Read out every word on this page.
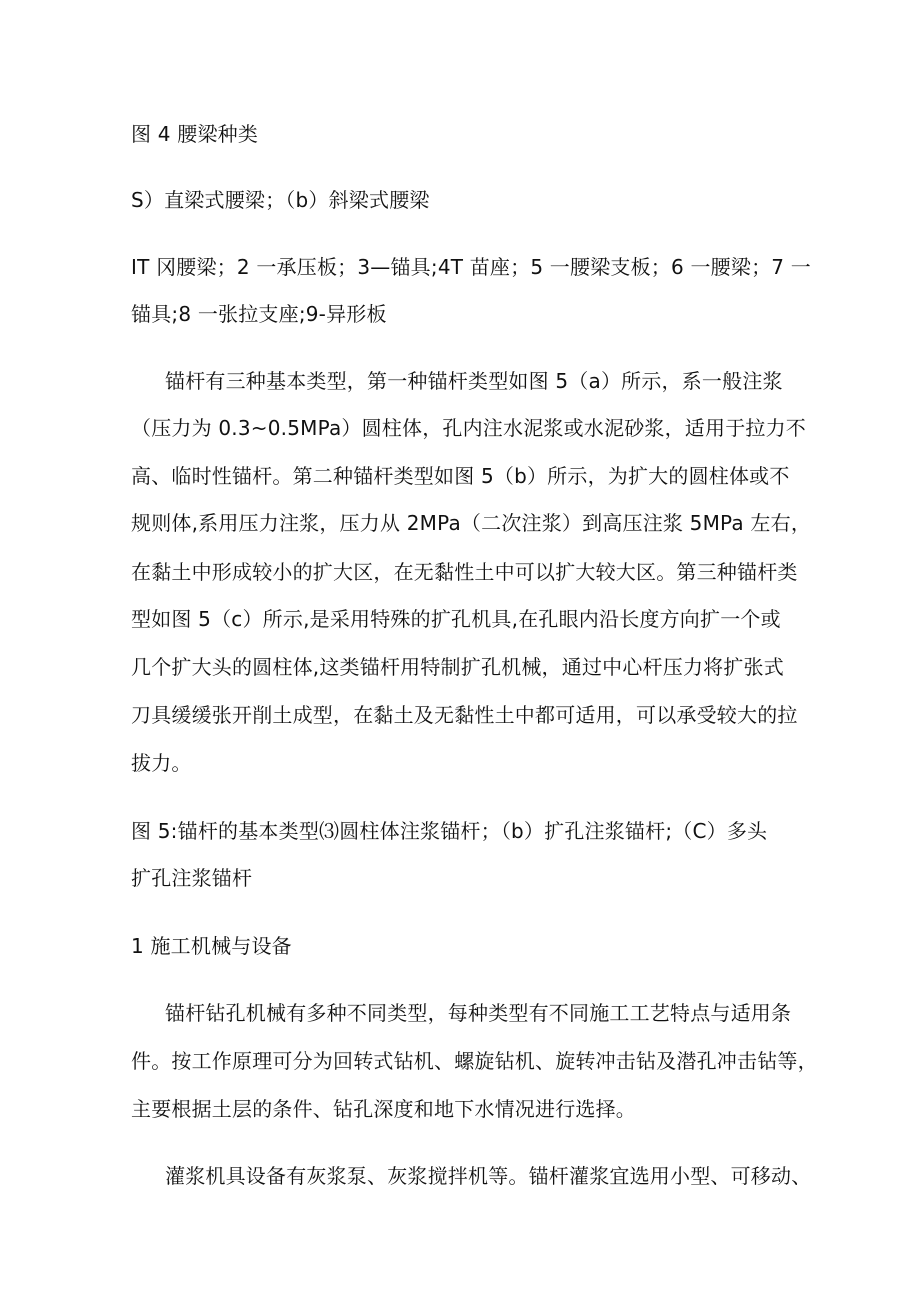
图 4 腰梁种类
S）直梁式腰梁；（b）斜梁式腰梁
IT 冈腰梁；2 一承压板；3—锚具;4T 苗座；5 一腰梁支板；6 一腰梁；7 一
锚具;8 一张拉支座;9-异形板
锚杆有三种基本类型，第一种锚杆类型如图 5（a）所示，系一般注浆
（压力为 0.3~0.5MPa）圆柱体，孔内注水泥浆或水泥砂浆，适用于拉力不
高、临时性锚杆。第二种锚杆类型如图 5（b）所示，为扩大的圆柱体或不
规则体,系用压力注浆，压力从 2MPa（二次注浆）到高压注浆 5MPa 左右，
在黏土中形成较小的扩大区，在无黏性土中可以扩大较大区。第三种锚杆类
型如图 5（c）所示,是采用特殊的扩孔机具,在孔眼内沿长度方向扩一个或
几个扩大头的圆柱体,这类锚杆用特制扩孔机械，通过中心杆压力将扩张式
刀具缓缓张开削土成型，在黏土及无黏性土中都可适用，可以承受较大的拉
拔力。
图 5:锚杆的基本类型⑶圆柱体注浆锚杆；（b）扩孔注浆锚杆;（C）多头
扩孔注浆锚杆
1 施工机械与设备
锚杆钻孔机械有多种不同类型，每种类型有不同施工工艺特点与适用条
件。按工作原理可分为回转式钻机、螺旋钻机、旋转冲击钻及潜孔冲击钻等，
主要根据土层的条件、钻孔深度和地下水情况进行选择。
灌浆机具设备有灰浆泵、灰浆搅拌机等。锚杆灌浆宜选用小型、可移动、
